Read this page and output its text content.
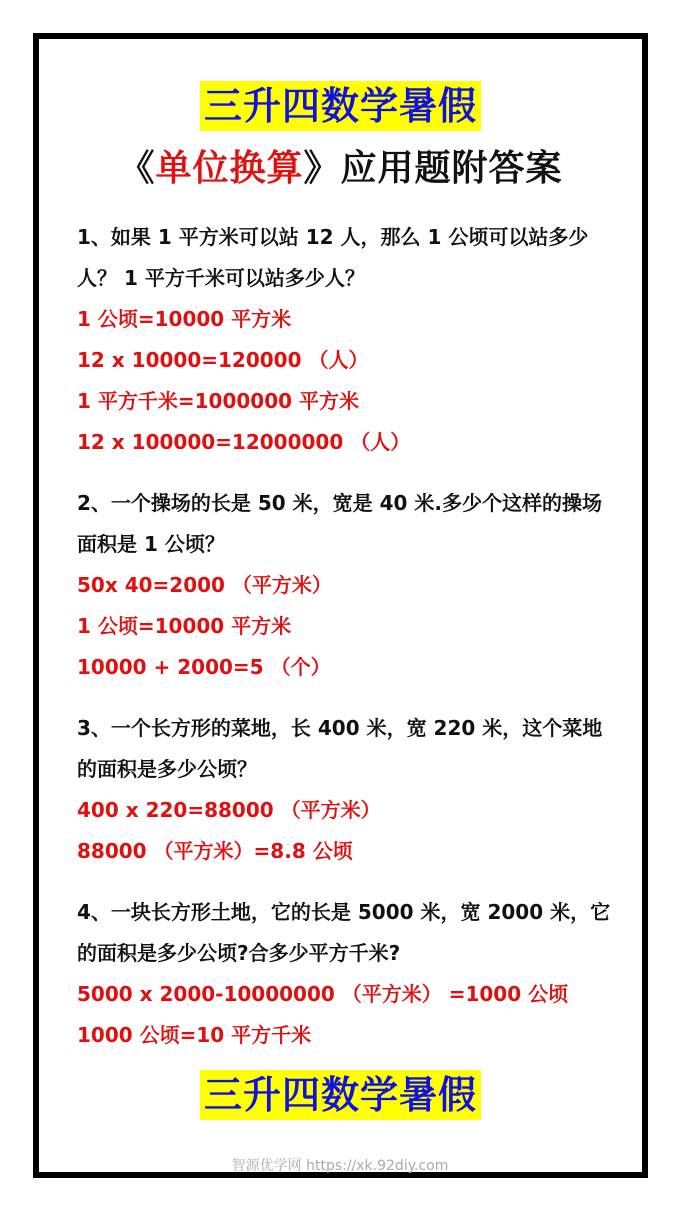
三升四数学暑假
《单位换算》应用题附答案
1、如果 1 平方米可以站 12 人，那么 1 公顷可以站多少人？ 1 平方千米可以站多少人？
1 公顷=10000 平方米
12 x 10000=120000 （人）
1 平方千米=1000000 平方米
12 x 100000=12000000 （人）
2、一个操场的长是 50 米，宽是 40 米.多少个这样的操场面积是 1 公顷？
50x 40=2000 （平方米）
1 公顷=10000 平方米
10000 + 2000=5 （个）
3、一个长方形的菜地，长 400 米，宽 220 米，这个菜地的面积是多少公顷？
400 x 220=88000 （平方米）
88000 （平方米）=8.8 公顷
4、一块长方形土地，它的长是 5000 米，宽 2000 米，它的面积是多少公顷?合多少平方千米?
5000 x 2000-10000000 （平方米） =1000 公顷 1000 公顷=10 平方千米
三升四数学暑假
智源优学网 https://xk.92diy.com
